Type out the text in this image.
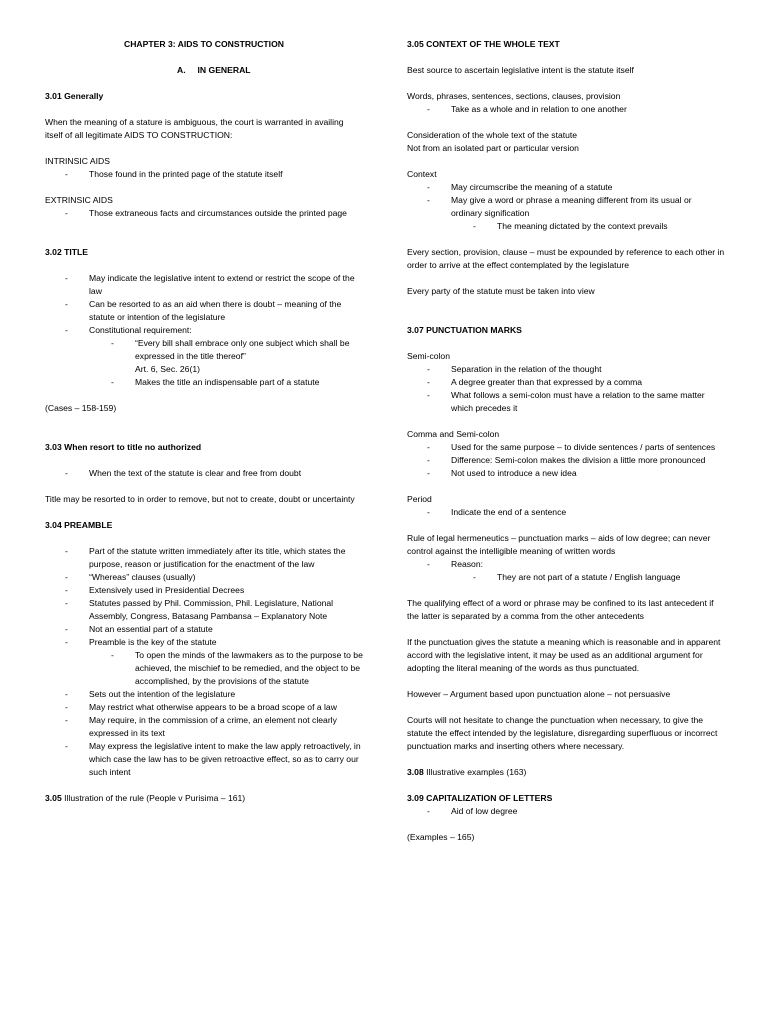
CHAPTER 3: AIDS TO CONSTRUCTION

A.     IN GENERAL

3.01 Generally

When the meaning of a stature is ambiguous, the court is warranted in availing itself of all legitimate AIDS TO CONSTRUCTION:

INTRINSIC AIDS

-	Those found in the printed page of the statute itself

EXTRINSIC AIDS

-	Those extraneous facts and circumstances outside the printed page

3.02 TITLE

-	May indicate the legislative intent to extend or restrict the scope of the law
-	Can be resorted to as an aid when there is doubt – meaning of the statute or intention of the legislature
-	Constitutional requirement:
-	“Every bill shall embrace only one subject which shall be expressed in the title thereof”

Art. 6, Sec. 26(1)

-	Makes the title an indispensable part of a statute

(Cases – 158-159)

3.03 When resort to title no authorized

-	When the text of the statute is clear and free from doubt

Title may be resorted to in order to remove, but not to create, doubt or uncertainty

3.04 PREAMBLE

-	Part of the statute written immediately after its title, which states the purpose, reason or justification for the enactment of the law
-	“Whereas” clauses (usually)
-	Extensively used in Presidential Decrees
-	Statutes passed by Phil. Commission, Phil. Legislature, National Assembly, Congress, Batasang Pambansa – Explanatory Note
-	Not an essential part of a statute
-	Preamble is the key of the statute
-	To open the minds of the lawmakers as to the purpose to be achieved, the mischief to be remedied, and the object to be accomplished, by the provisions of the statute
-	Sets out the intention of the legislature
-	May restrict what otherwise appears to be a broad scope of a law
-	May require, in the commission of a crime, an element not clearly expressed in its text
-	May express the legislative intent to make the law apply retroactively, in which case the law has to be given retroactive effect, so as to carry our such intent

3.05 Illustration of the rule (People v Purisima – 161)

3.05 CONTEXT OF THE WHOLE TEXT

Best source to ascertain legislative intent is the statute itself

Words, phrases, sentences, sections, clauses, provision

-	Take as a whole and in relation to one another

Consideration of the whole text of the statute

Not from an isolated part or particular version

Context

-	May circumscribe the meaning of a statute
-	May give a word or phrase a meaning different from its usual or ordinary signification
-	The meaning dictated by the context prevails

Every section, provision, clause – must be expounded by reference to each other in order to arrive at the effect contemplated by the legislature

Every party of the statute must be taken into view

3.07 PUNCTUATION MARKS

Semi-colon

-	Separation in the relation of the thought
-	A degree greater than that expressed by a comma
-	What follows a semi-colon must have a relation to the same matter which precedes it

Comma and Semi-colon

-	Used for the same purpose – to divide sentences / parts of sentences
-	Difference: Semi-colon makes the division a little more pronounced
-	Not used to introduce a new idea

Period

-	Indicate the end of a sentence

Rule of legal hermeneutics – punctuation marks – aids of low degree; can never control against the intelligible meaning of written words

-	Reason:
-	They are not part of a statute / English language

The qualifying effect of a word or phrase may be confined to its last antecedent if the latter is separated by a comma from the other antecedents

If the punctuation gives the statute a meaning which is reasonable and in apparent accord with the legislative intent, it may be used as an additional argument for adopting the literal meaning of the words as thus punctuated.

However – Argument based upon punctuation alone – not persuasive

Courts will not hesitate to change the punctuation when necessary, to give the statute the effect intended by the legislature, disregarding superfluous or incorrect punctuation marks and inserting others where necessary.

3.08 Illustrative examples (163)

3.09 CAPITALIZATION OF LETTERS

-	Aid of low degree

(Examples – 165)
